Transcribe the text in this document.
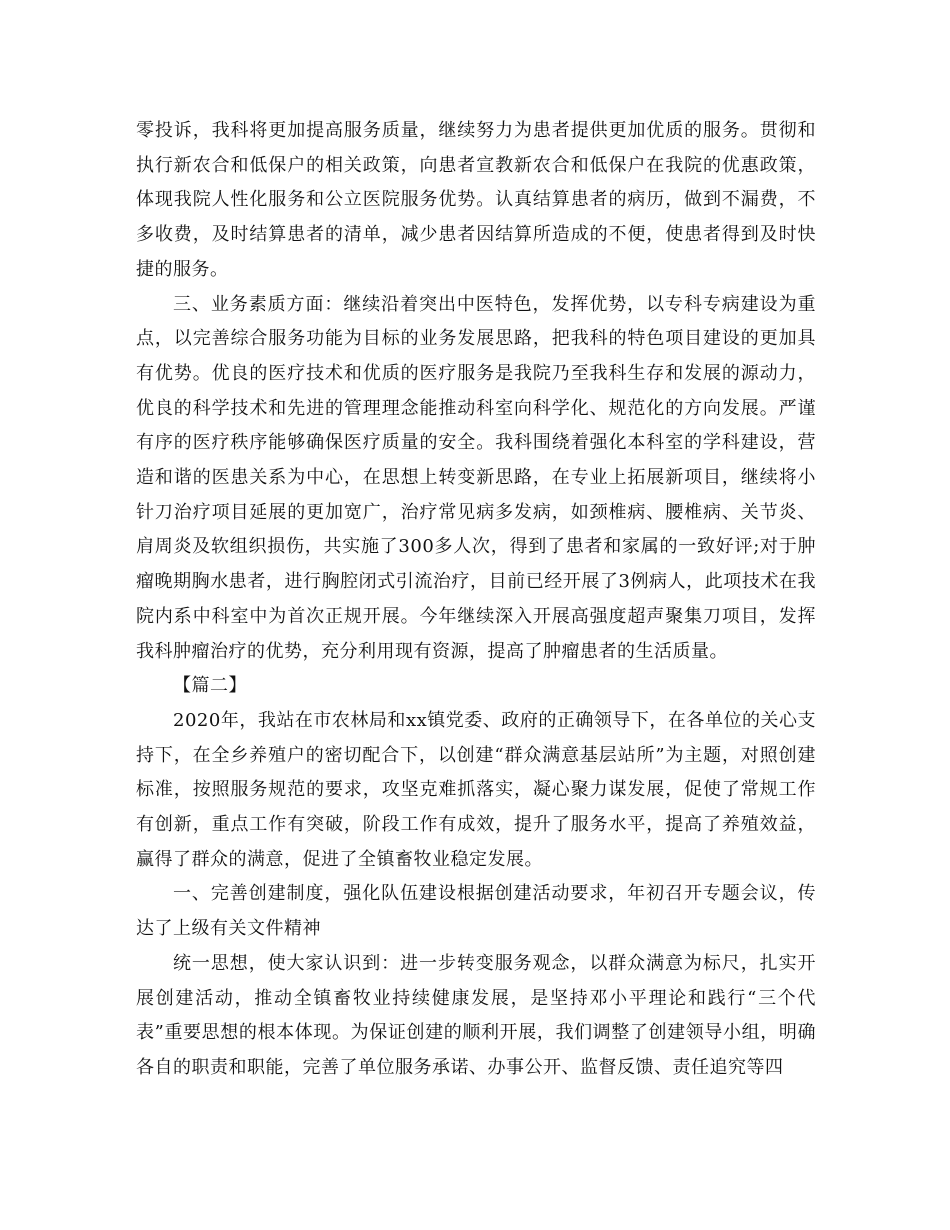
零投诉，我科将更加提高服务质量，继续努力为患者提供更加优质的服务。贯彻和执行新农合和低保户的相关政策，向患者宣教新农合和低保户在我院的优惠政策，体现我院人性化服务和公立医院服务优势。认真结算患者的病历，做到不漏费，不多收费，及时结算患者的清单，减少患者因结算所造成的不便，使患者得到及时快捷的服务。

三、业务素质方面：继续沿着突出中医特色，发挥优势，以专科专病建设为重点，以完善综合服务功能为目标的业务发展思路，把我科的特色项目建设的更加具有优势。优良的医疗技术和优质的医疗服务是我院乃至我科生存和发展的源动力，优良的科学技术和先进的管理理念能推动科室向科学化、规范化的方向发展。严谨有序的医疗秩序能够确保医疗质量的安全。我科围绕着强化本科室的学科建设，营造和谐的医患关系为中心，在思想上转变新思路，在专业上拓展新项目，继续将小针刀治疗项目延展的更加宽广，治疗常见病多发病，如颈椎病、腰椎病、关节炎、肩周炎及软组织损伤，共实施了300多人次，得到了患者和家属的一致好评;对于肿瘤晚期胸水患者，进行胸腔闭式引流治疗，目前已经开展了3例病人，此项技术在我院内系中科室中为首次正规开展。今年继续深入开展高强度超声聚集刀项目，发挥我科肿瘤治疗的优势，充分利用现有资源，提高了肿瘤患者的生活质量。

【篇二】

2020年，我站在市农林局和xx镇党委、政府的正确领导下，在各单位的关心支持下，在全乡养殖户的密切配合下，以创建“群众满意基层站所”为主题，对照创建标准，按照服务规范的要求，攻坚克难抓落实，凝心聚力谋发展，促使了常规工作有创新，重点工作有突破，阶段工作有成效，提升了服务水平，提高了养殖效益，赢得了群众的满意，促进了全镇畜牧业稳定发展。

一、完善创建制度，强化队伍建设根据创建活动要求，年初召开专题会议，传达了上级有关文件精神

统一思想，使大家认识到：进一步转变服务观念，以群众满意为标尺，扎实开展创建活动，推动全镇畜牧业持续健康发展，是坚持邓小平理论和践行“三个代表”重要思想的根本体现。为保证创建的顺利开展，我们调整了创建领导小组，明确各自的职责和职能，完善了单位服务承诺、办事公开、监督反馈、责任追究等四
